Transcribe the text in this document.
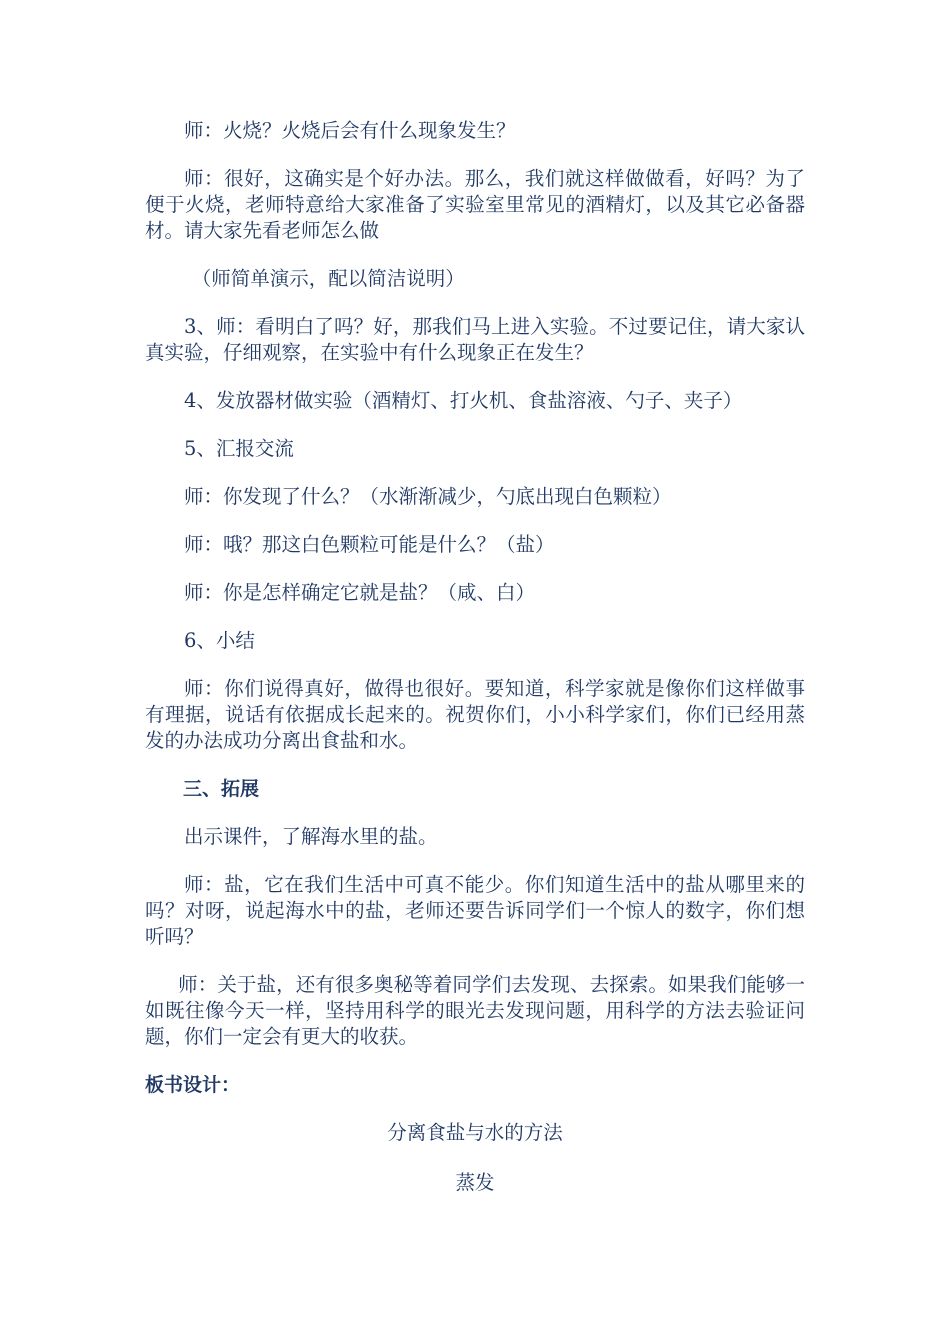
师：火烧？火烧后会有什么现象发生？

师：很好，这确实是个好办法。那么，我们就这样做做看，好吗？为了便于火烧，老师特意给大家准备了实验室里常见的酒精灯，以及其它必备器材。请大家先看老师怎么做

（师简单演示，配以简洁说明）

3、师：看明白了吗？好，那我们马上进入实验。不过要记住，请大家认真实验，仔细观察，在实验中有什么现象正在发生？

4、发放器材做实验（酒精灯、打火机、食盐溶液、勺子、夹子）

5、汇报交流

师：你发现了什么？（水渐渐减少，勺底出现白色颗粒）

师：哦？那这白色颗粒可能是什么？（盐）

师：你是怎样确定它就是盐？（咸、白）

6、小结

师：你们说得真好，做得也很好。要知道，科学家就是像你们这样做事有理据，说话有依据成长起来的。祝贺你们，小小科学家们，你们已经用蒸发的办法成功分离出食盐和水。

三、拓展

出示课件，了解海水里的盐。

师：盐，它在我们生活中可真不能少。你们知道生活中的盐从哪里来的吗？对呀，说起海水中的盐，老师还要告诉同学们一个惊人的数字，你们想听吗？

师：关于盐，还有很多奥秘等着同学们去发现、去探索。如果我们能够一如既往像今天一样，坚持用科学的眼光去发现问题，用科学的方法去验证问题，你们一定会有更大的收获。

板书设计：

分离食盐与水的方法

蒸发
